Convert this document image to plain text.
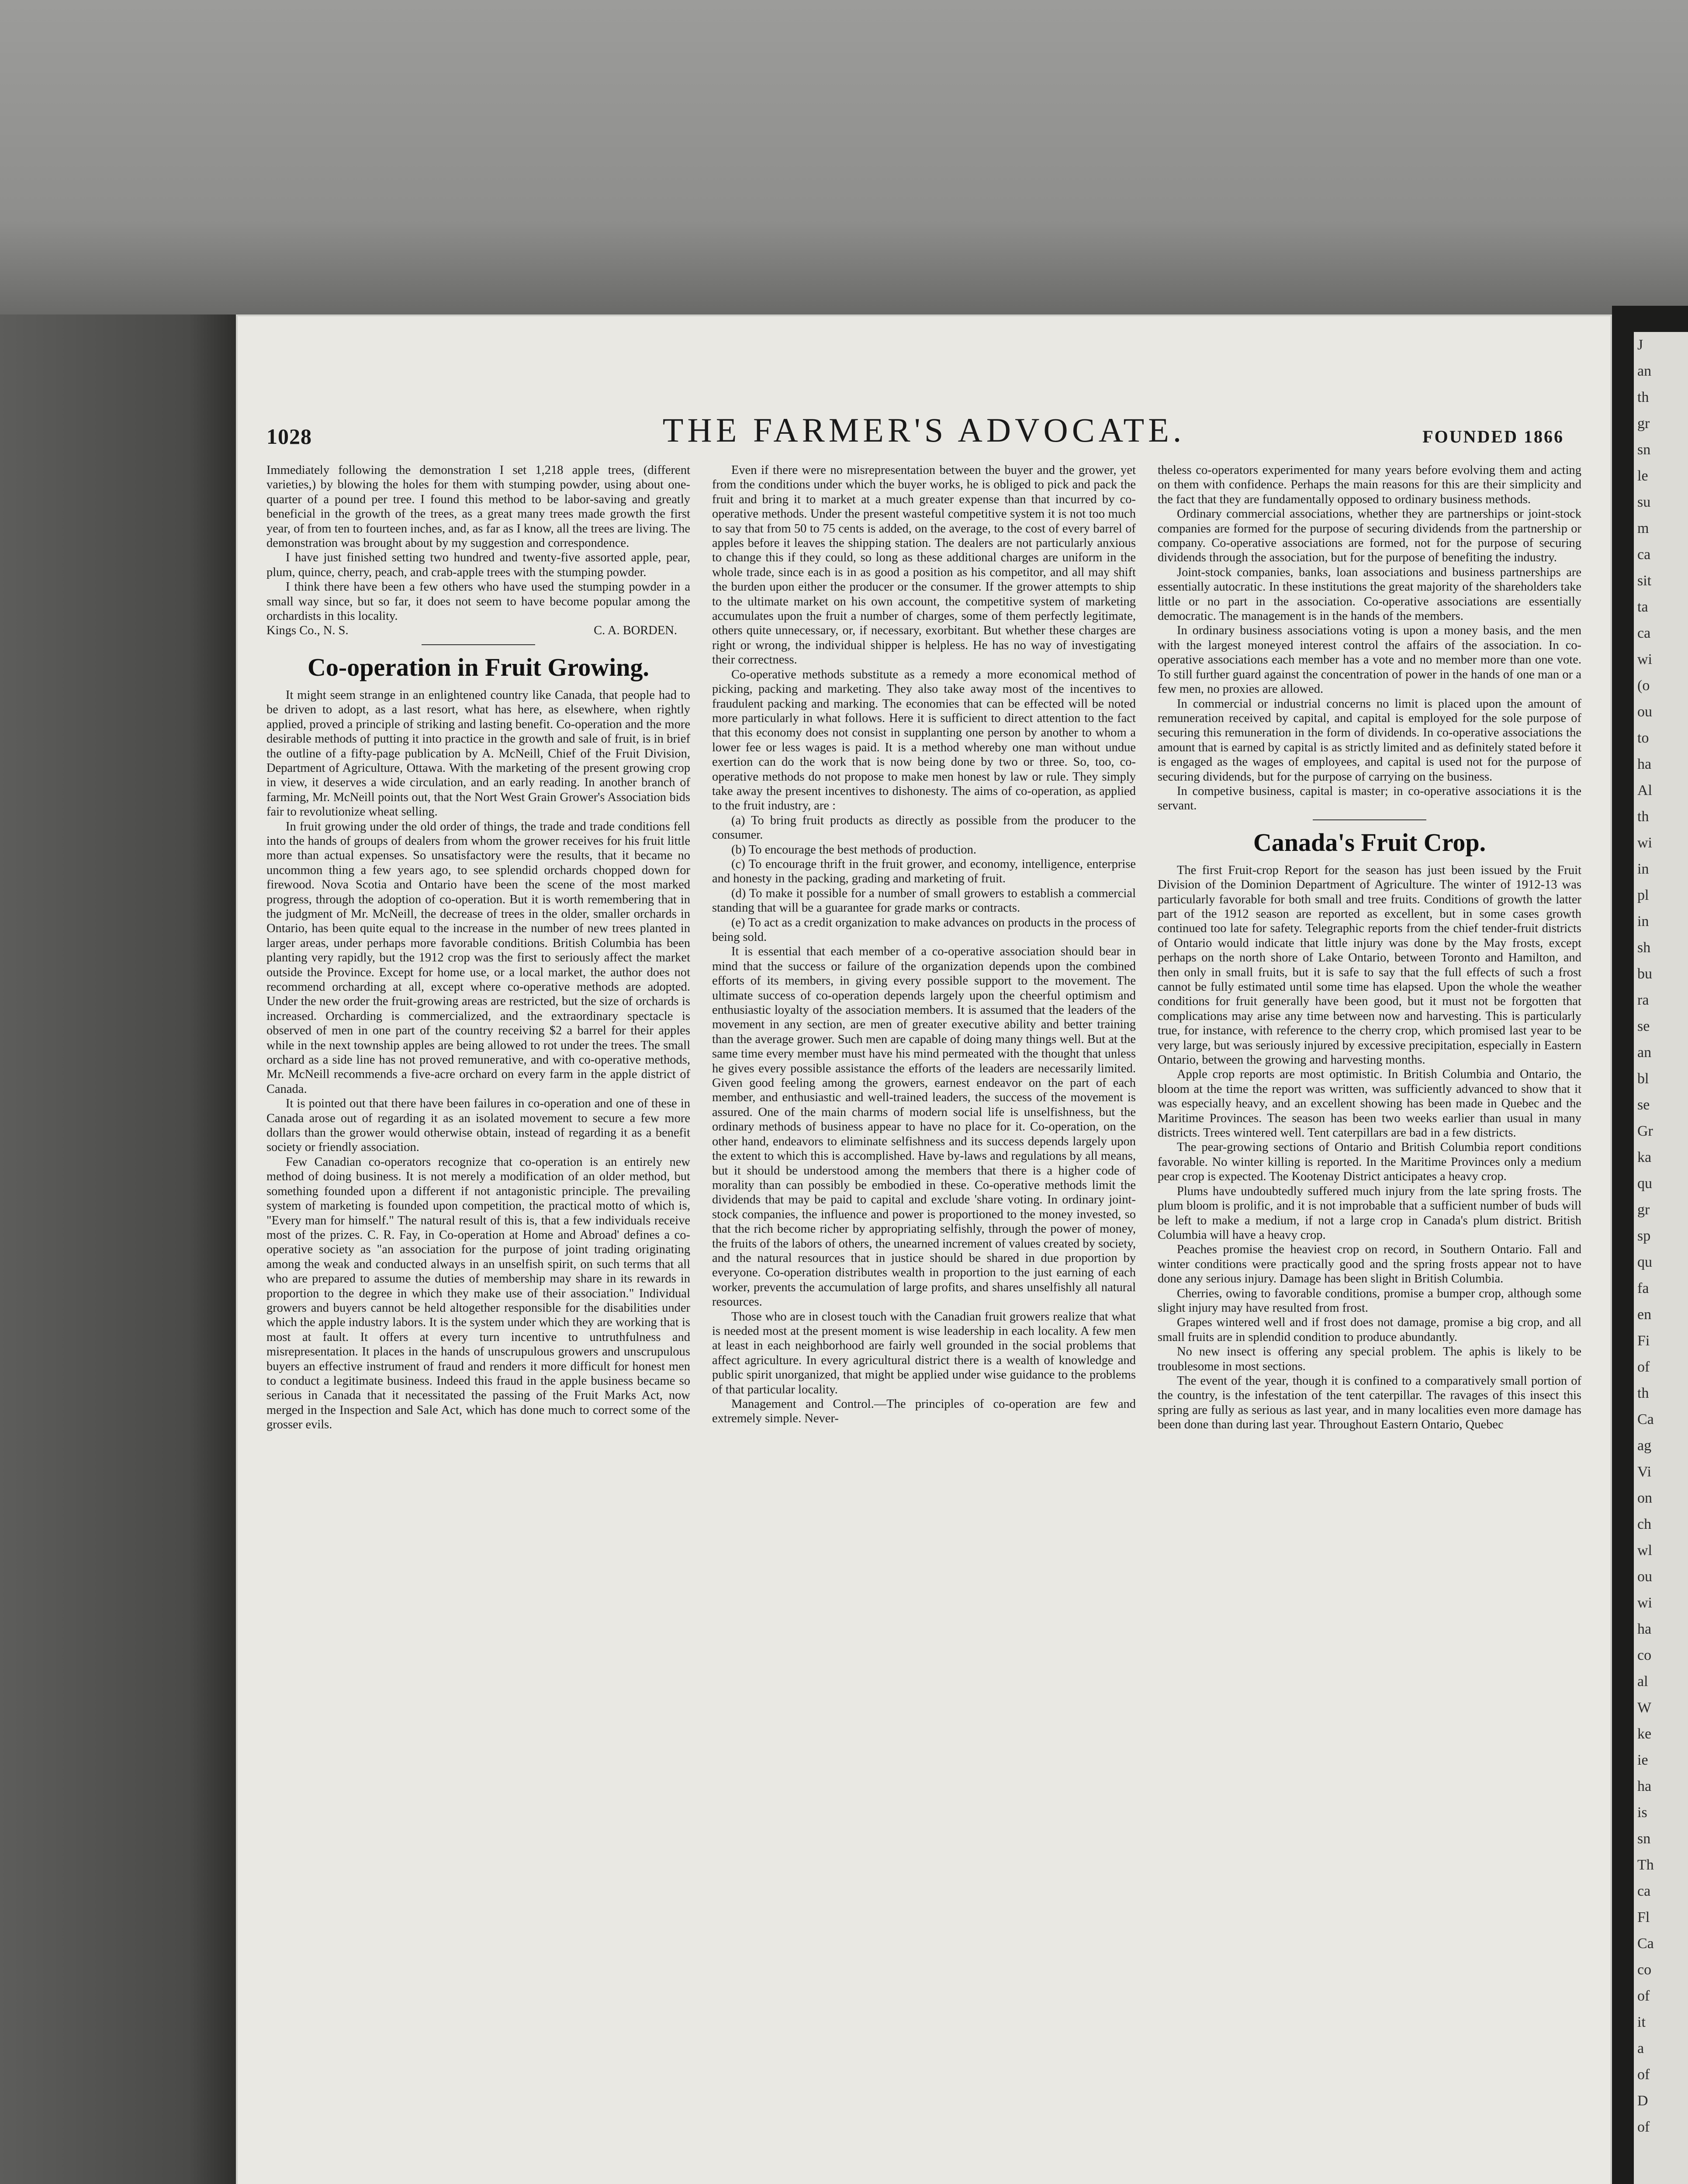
J
an
th
gr
sn
le
su
m
ca
sit
ta
ca
wi
(o
ou
to
ha
Al
th
wi
in
pl
in
sh
bu
ra
se
an
bl
se
Gr
ka
qu
gr
sp
qu
fa
en
Fi
of
th
Ca
ag
Vi
on
ch
wl
ou
wi
ha
co
al
W
ke
ie
ha
is
sn
Th
ca
Fl
Ca
co
of
it
a
of
D
of
1028	THE FARMER'S ADVOCATE.	FOUNDED 1866

Immediately following the demonstration I set 1,218 apple trees, (different varieties,) by blowing the holes for them with stumping powder, using about one-quarter of a pound per tree. I found this method to be labor-saving and greatly beneficial in the growth of the trees, as a great many trees made growth the first year, of from ten to fourteen inches, and, as far as I know, all the trees are living. The demonstration was brought about by my suggestion and correspondence.

I have just finished setting two hundred and twenty-five assorted apple, pear, plum, quince, cherry, peach, and crab-apple trees with the stumping powder.

I think there have been a few others who have used the stumping powder in a small way since, but so far, it does not seem to have become popular among the orchardists in this locality.

Kings Co., N. S.	C. A. BORDEN.

Co-operation in Fruit Growing.

It might seem strange in an enlightened country like Canada, that people had to be driven to adopt, as a last resort, what has here, as elsewhere, when rightly applied, proved a principle of striking and lasting benefit. Co-operation and the more desirable methods of putting it into practice in the growth and sale of fruit, is in brief the outline of a fifty-page publication by A. McNeill, Chief of the Fruit Division, Department of Agriculture, Ottawa. With the marketing of the present growing crop in view, it deserves a wide circulation, and an early reading. In another branch of farming, Mr. McNeill points out, that the Nort West Grain Grower's Association bids fair to revolutionize wheat selling.

In fruit growing under the old order of things, the trade and trade conditions fell into the hands of groups of dealers from whom the grower receives for his fruit little more than actual expenses. So unsatisfactory were the results, that it became no uncommon thing a few years ago, to see splendid orchards chopped down for firewood. Nova Scotia and Ontario have been the scene of the most marked progress, through the adoption of co-operation. But it is worth remembering that in the judgment of Mr. McNeill, the decrease of trees in the older, smaller orchards in Ontario, has been quite equal to the increase in the number of new trees planted in larger areas, under perhaps more favorable conditions. British Columbia has been planting very rapidly, but the 1912 crop was the first to seriously affect the market outside the Province. Except for home use, or a local market, the author does not recommend orcharding at all, except where co-operative methods are adopted. Under the new order the fruit-growing areas are restricted, but the size of orchards is increased. Orcharding is commercialized, and the extraordinary spectacle is observed of men in one part of the country receiving $2 a barrel for their apples while in the next township apples are being allowed to rot under the trees. The small orchard as a side line has not proved remunerative, and with co-operative methods, Mr. McNeill recommends a five-acre orchard on every farm in the apple district of Canada.

It is pointed out that there have been failures in co-operation and one of these in Canada arose out of regarding it as an isolated movement to secure a few more dollars than the grower would otherwise obtain, instead of regarding it as a benefit society or friendly association.

Few Canadian co-operators recognize that co-operation is an entirely new method of doing business. It is not merely a modification of an older method, but something founded upon a different if not antagonistic principle. The prevailing system of marketing is founded upon competition, the practical motto of which is, "Every man for himself." The natural result of this is, that a few individuals receive most of the prizes. C. R. Fay, in Co-operation at Home and Abroad' defines a co-operative society as "an association for the purpose of joint trading originating among the weak and conducted always in an unselfish spirit, on such terms that all who are prepared to assume the duties of membership may share in its rewards in proportion to the degree in which they make use of their association." Individual growers and buyers cannot be held altogether responsible for the disabilities under which the apple industry labors. It is the system under which they are working that is most at fault. It offers at every turn incentive to untruthfulness and misrepresentation. It places in the hands of unscrupulous growers and unscrupulous buyers an effective instrument of fraud and renders it more difficult for honest men to conduct a legitimate business. Indeed this fraud in the apple business became so serious in Canada that it necessitated the passing of the Fruit Marks Act, now merged in the Inspection and Sale Act, which has done much to correct some of the grosser evils.

Even if there were no misrepresentation between the buyer and the grower, yet from the conditions under which the buyer works, he is obliged to pick and pack the fruit and bring it to market at a much greater expense than that incurred by co-operative methods. Under the present wasteful competitive system it is not too much to say that from 50 to 75 cents is added, on the average, to the cost of every barrel of apples before it leaves the shipping station. The dealers are not particularly anxious to change this if they could, so long as these additional charges are uniform in the whole trade, since each is in as good a position as his competitor, and all may shift the burden upon either the producer or the consumer. If the grower attempts to ship to the ultimate market on his own account, the competitive system of marketing accumulates upon the fruit a number of charges, some of them perfectly legitimate, others quite unnecessary, or, if necessary, exorbitant. But whether these charges are right or wrong, the individual shipper is helpless. He has no way of investigating their correctness.

Co-operative methods substitute as a remedy a more economical method of picking, packing and marketing. They also take away most of the incentives to fraudulent packing and marking. The economies that can be effected will be noted more particularly in what follows. Here it is sufficient to direct attention to the fact that this economy does not consist in supplanting one person by another to whom a lower fee or less wages is paid. It is a method whereby one man without undue exertion can do the work that is now being done by two or three. So, too, co-operative methods do not propose to make men honest by law or rule. They simply take away the present incentives to dishonesty. The aims of co-operation, as applied to the fruit industry, are :

(a) To bring fruit products as directly as possible from the producer to the consumer.

(b) To encourage the best methods of production.

(c) To encourage thrift in the fruit grower, and economy, intelligence, enterprise and honesty in the packing, grading and marketing of fruit.

(d) To make it possible for a number of small growers to establish a commercial standing that will be a guarantee for grade marks or contracts.

(e) To act as a credit organization to make advances on products in the process of being sold.

It is essential that each member of a co-operative association should bear in mind that the success or failure of the organization depends upon the combined efforts of its members, in giving every possible support to the movement. The ultimate success of co-operation depends largely upon the cheerful optimism and enthusiastic loyalty of the association members. It is assumed that the leaders of the movement in any section, are men of greater executive ability and better training than the average grower. Such men are capable of doing many things well. But at the same time every member must have his mind permeated with the thought that unless he gives every possible assistance the efforts of the leaders are necessarily limited. Given good feeling among the growers, earnest endeavor on the part of each member, and enthusiastic and well-trained leaders, the success of the movement is assured. One of the main charms of modern social life is unselfishness, but the ordinary methods of business appear to have no place for it. Co-operation, on the other hand, endeavors to eliminate selfishness and its success depends largely upon the extent to which this is accomplished. Have by-laws and regulations by all means, but it should be understood among the members that there is a higher code of morality than can possibly be embodied in these. Co-operative methods limit the dividends that may be paid to capital and exclude 'share voting. In ordinary joint-stock companies, the influence and power is proportioned to the money invested, so that the rich become richer by appropriating selfishly, through the power of money, the fruits of the labors of others, the unearned increment of values created by society, and the natural resources that in justice should be shared in due proportion by everyone. Co-operation distributes wealth in proportion to the just earning of each worker, prevents the accumulation of large profits, and shares unselfishly all natural resources.

Those who are in closest touch with the Canadian fruit growers realize that what is needed most at the present moment is wise leadership in each locality. A few men at least in each neighborhood are fairly well grounded in the social problems that affect agriculture. In every agricultural district there is a wealth of knowledge and public spirit unorganized, that might be applied under wise guidance to the problems of that particular locality.

Management and Control.—The principles of co-operation are few and extremely simple. Never-

theless co-operators experimented for many years before evolving them and acting on them with confidence. Perhaps the main reasons for this are their simplicity and the fact that they are fundamentally opposed to ordinary business methods.

Ordinary commercial associations, whether they are partnerships or joint-stock companies are formed for the purpose of securing dividends from the partnership or company. Co-operative associations are formed, not for the purpose of securing dividends through the association, but for the purpose of benefiting the industry.

Joint-stock companies, banks, loan associations and business partnerships are essentially autocratic. In these institutions the great majority of the shareholders take little or no part in the association. Co-operative associations are essentially democratic. The management is in the hands of the members.

In ordinary business associations voting is upon a money basis, and the men with the largest moneyed interest control the affairs of the association. In co-operative associations each member has a vote and no member more than one vote. To still further guard against the concentration of power in the hands of one man or a few men, no proxies are allowed.

In commercial or industrial concerns no limit is placed upon the amount of remuneration received by capital, and capital is employed for the sole purpose of securing this remuneration in the form of dividends. In co-operative associations the amount that is earned by capital is as strictly limited and as definitely stated before it is engaged as the wages of employees, and capital is used not for the purpose of securing dividends, but for the purpose of carrying on the business.

In competive business, capital is master; in co-operative associations it is the servant.

Canada's Fruit Crop.

The first Fruit-crop Report for the season has just been issued by the Fruit Division of the Dominion Department of Agriculture. The winter of 1912-13 was particularly favorable for both small and tree fruits. Conditions of growth the latter part of the 1912 season are reported as excellent, but in some cases growth continued too late for safety. Telegraphic reports from the chief tender-fruit districts of Ontario would indicate that little injury was done by the May frosts, except perhaps on the north shore of Lake Ontario, between Toronto and Hamilton, and then only in small fruits, but it is safe to say that the full effects of such a frost cannot be fully estimated until some time has elapsed. Upon the whole the weather conditions for fruit generally have been good, but it must not be forgotten that complications may arise any time between now and harvesting. This is particularly true, for instance, with reference to the cherry crop, which promised last year to be very large, but was seriously injured by excessive precipitation, especially in Eastern Ontario, between the growing and harvesting months.

Apple crop reports are most optimistic. In British Columbia and Ontario, the bloom at the time the report was written, was sufficiently advanced to show that it was especially heavy, and an excellent showing has been made in Quebec and the Maritime Provinces. The season has been two weeks earlier than usual in many districts. Trees wintered well. Tent caterpillars are bad in a few districts.

The pear-growing sections of Ontario and British Columbia report conditions favorable. No winter killing is reported. In the Maritime Provinces only a medium pear crop is expected. The Kootenay District anticipates a heavy crop.

Plums have undoubtedly suffered much injury from the late spring frosts. The plum bloom is prolific, and it is not improbable that a sufficient number of buds will be left to make a medium, if not a large crop in Canada's plum district. British Columbia will have a heavy crop.

Peaches promise the heaviest crop on record, in Southern Ontario. Fall and winter conditions were practically good and the spring frosts appear not to have done any serious injury. Damage has been slight in British Columbia.

Cherries, owing to favorable conditions, promise a bumper crop, although some slight injury may have resulted from frost.

Grapes wintered well and if frost does not damage, promise a big crop, and all small fruits are in splendid condition to produce abundantly.

No new insect is offering any special problem. The aphis is likely to be troublesome in most sections.

The event of the year, though it is confined to a comparatively small portion of the country, is the infestation of the tent caterpillar. The ravages of this insect this spring are fully as serious as last year, and in many localities even more damage has been done than during last year. Throughout Eastern Ontario, Quebec
